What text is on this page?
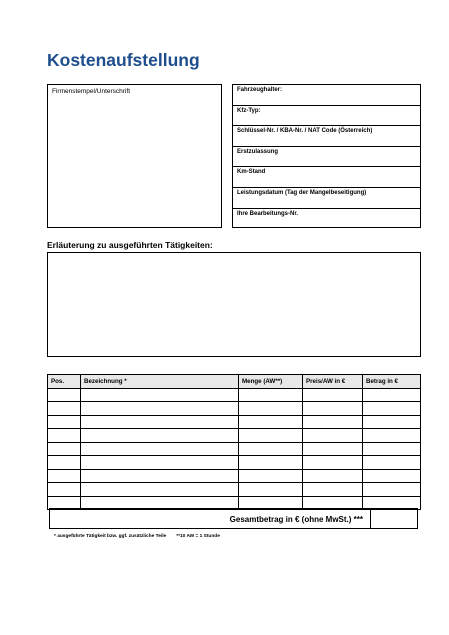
Kostenaufstellung
Firmenstempel/Unterschrift	Fahrzeughalter:
Kfz-Typ:
Schlüssel-Nr. / KBA-Nr. / NAT Code (Österreich)
Erstzulassung
Km-Stand
Leistungsdatum (Tag der Mangelbeseitigung)
Ihre Bearbeitungs-Nr.
Erläuterung zu ausgeführten Tätigkeiten:
Pos.	Bezeichnung *	Menge (AW**)	Preis/AW in €	Betrag in €

Gesamtbetrag in € (ohne MwSt.) ***
* ausgeführte Tätigkeit bzw. ggf. zusätzliche Teile **10 AW = 1 Stunde
